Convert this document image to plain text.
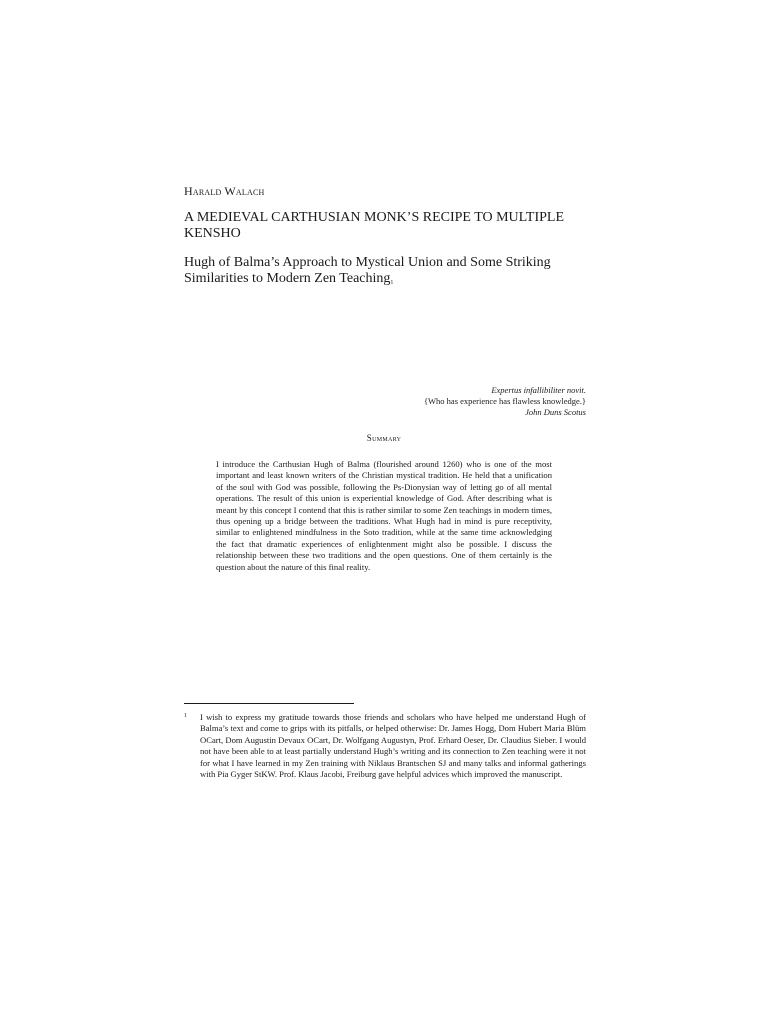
Harald Walach
A MEDIEVAL CARTHUSIAN MONK’S RECIPE TO MULTIPLE KENSHO
Hugh of Balma’s Approach to Mystical Union and Some Striking Similarities to Modern Zen Teaching$^1$
Expertus infallibiliter novit.
{Who has experience has flawless knowledge.}
John Duns Scotus
Summary
I introduce the Carthusian Hugh of Balma (flourished around 1260) who is one of the most important and least known writers of the Christian mystical tradition. He held that a unification of the soul with God was possible, following the Ps-Dionysian way of letting go of all mental operations. The result of this union is experiential knowledge of God. After describing what is meant by this concept I contend that this is rather similar to some Zen teachings in modern times, thus opening up a bridge between the traditions. What Hugh had in mind is pure receptivity, similar to enlightened mindfulness in the Soto tradition, while at the same time acknowledging the fact that dramatic experiences of enlightenment might also be possible. I discuss the relationship between these two traditions and the open questions. One of them certainly is the question about the nature of this final reality.
1 I wish to express my gratitude towards those friends and scholars who have helped me understand Hugh of Balma’s text and come to grips with its pitfalls, or helped otherwise: Dr. James Hogg, Dom Hubert Maria Blüm OCart, Dom Augustin Devaux OCart, Dr. Wolfgang Augustyn, Prof. Erhard Oeser, Dr. Claudius Sieber. I would not have been able to at least partially understand Hugh’s writing and its connection to Zen teaching were it not for what I have learned in my Zen training with Niklaus Brantschen SJ and many talks and informal gatherings with Pia Gyger StKW. Prof. Klaus Jacobi, Freiburg gave helpful advices which improved the manuscript.
